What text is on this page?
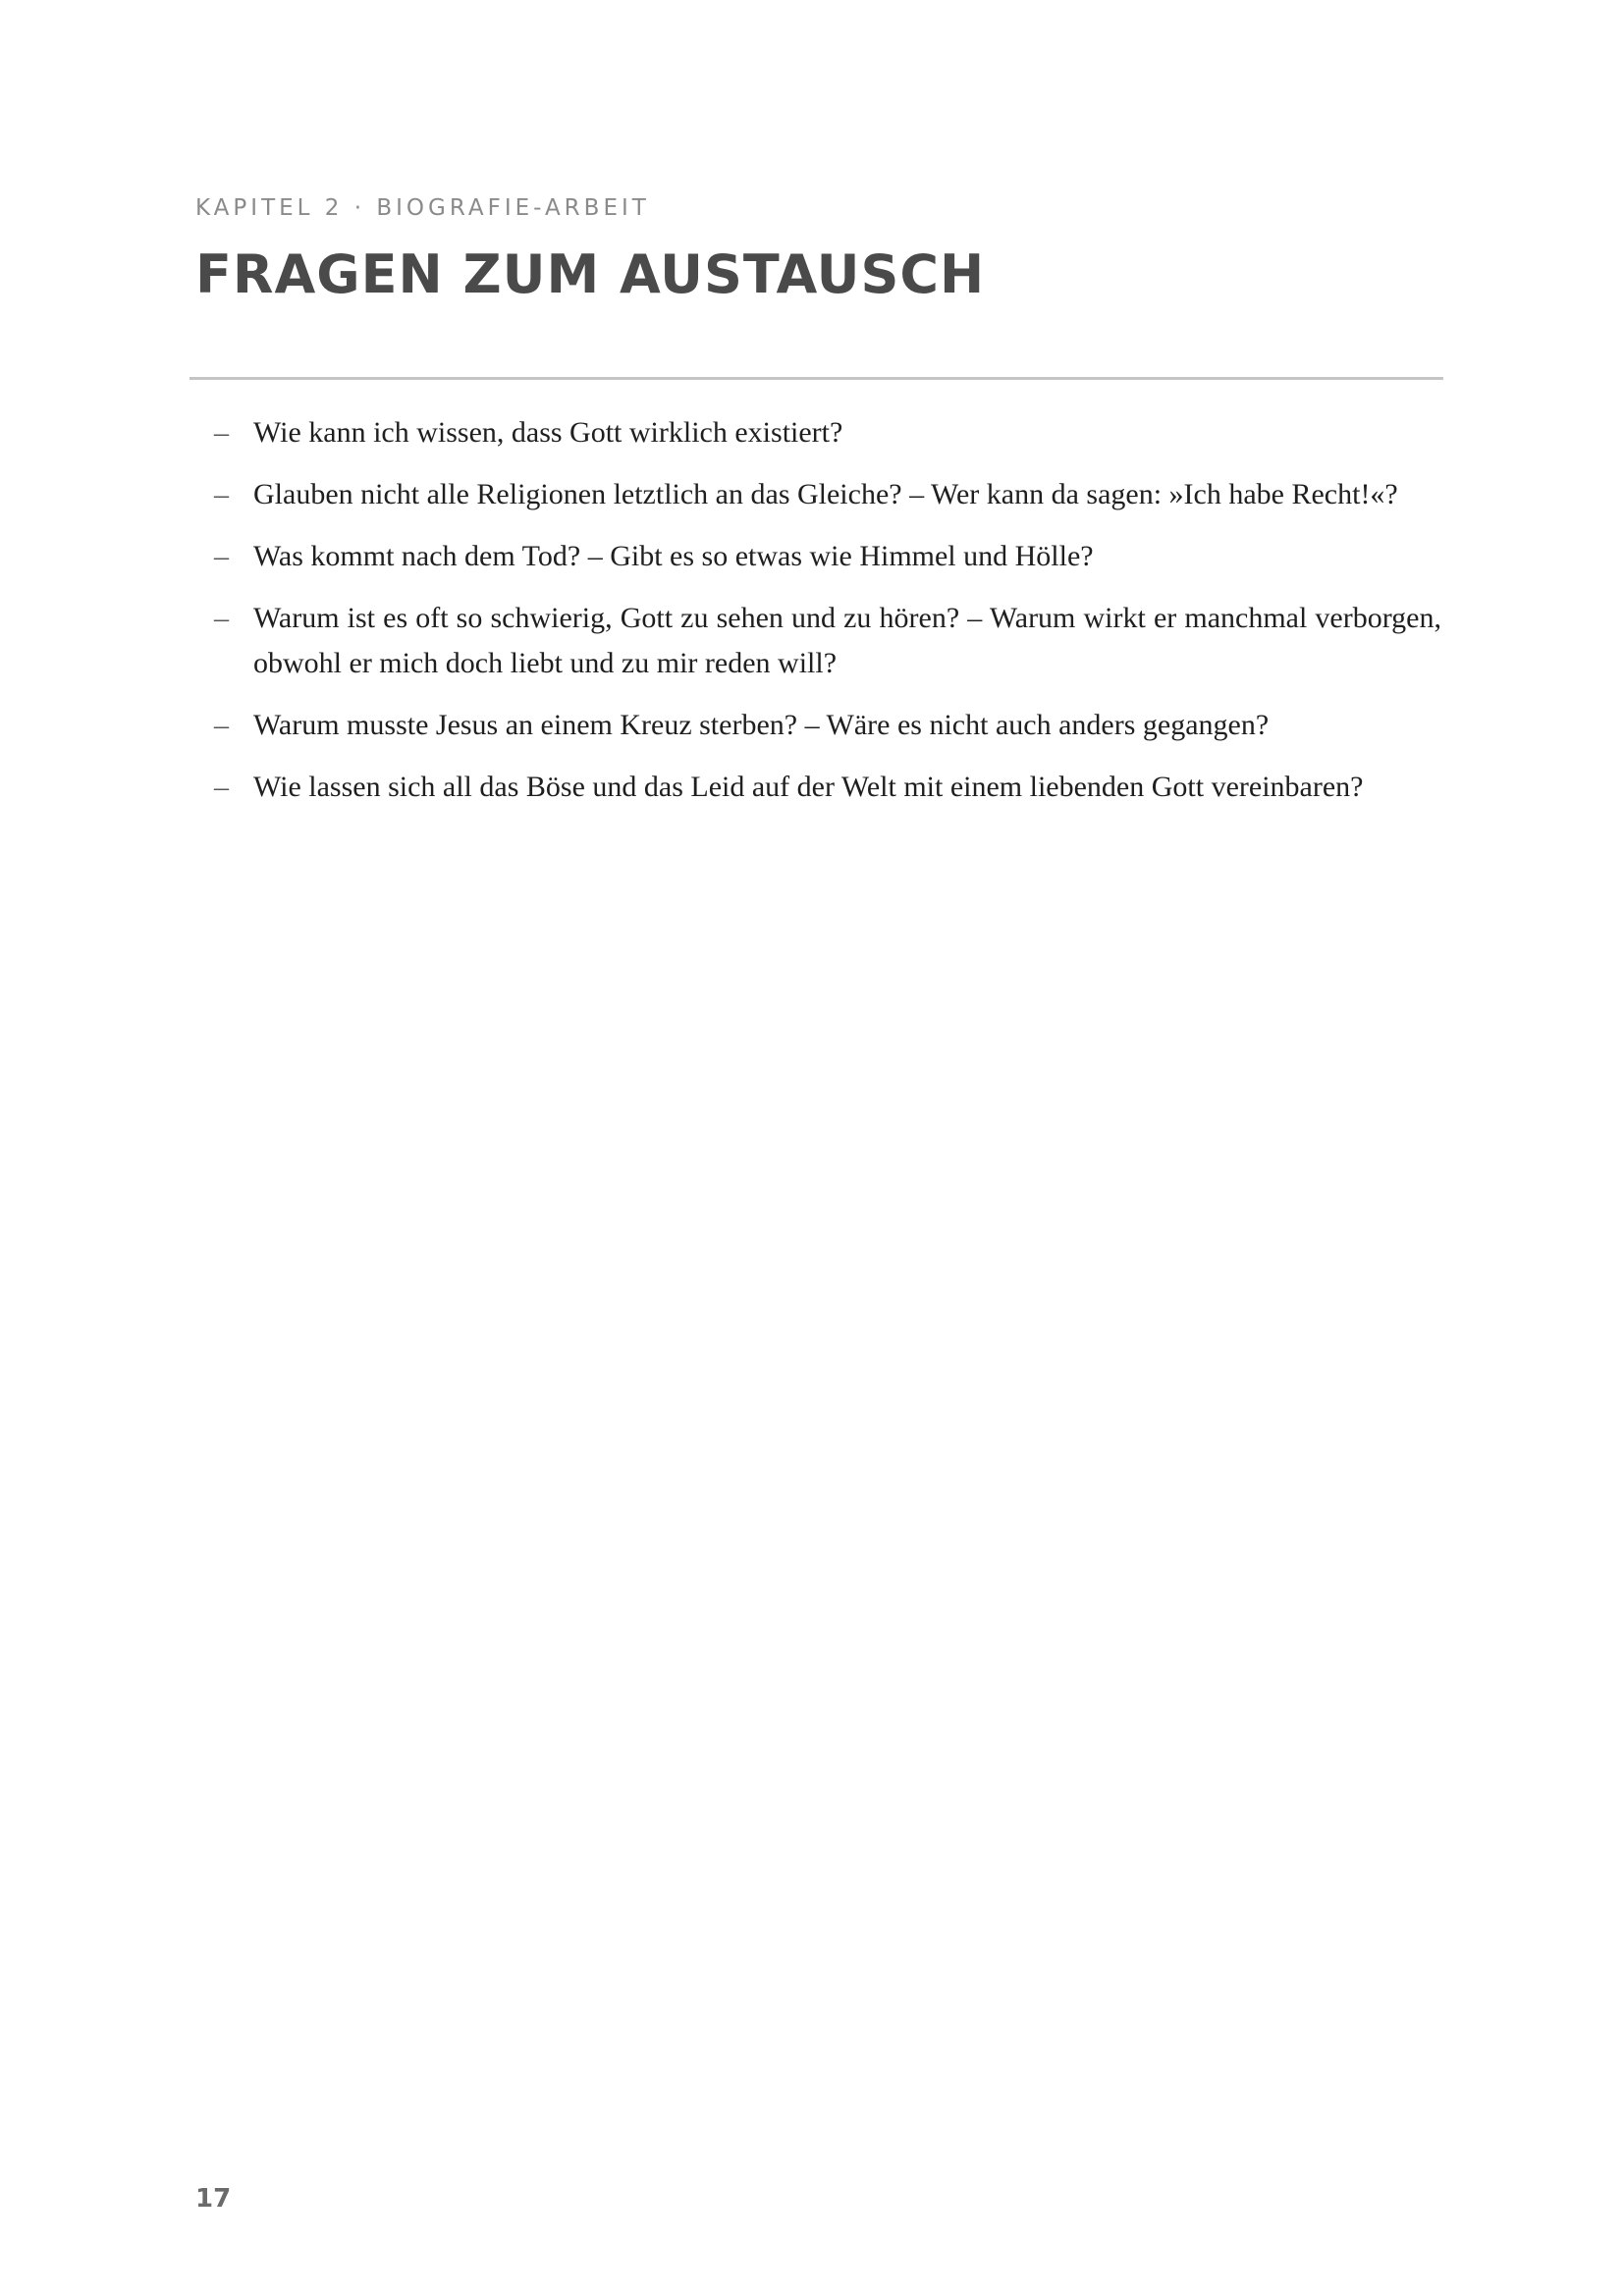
KAPITEL 2 · BIOGRAFIE-ARBEIT
FRAGEN ZUM AUSTAUSCH
– Wie kann ich wissen, dass Gott wirklich existiert?
– Glauben nicht alle Religionen letztlich an das Gleiche? – Wer kann da sagen: »Ich habe Recht!«?
– Was kommt nach dem Tod? – Gibt es so etwas wie Himmel und Hölle?
– Warum ist es oft so schwierig, Gott zu sehen und zu hören? – Warum wirkt er manchmal verborgen, obwohl er mich doch liebt und zu mir reden will?
– Warum musste Jesus an einem Kreuz sterben? – Wäre es nicht auch anders gegangen?
– Wie lassen sich all das Böse und das Leid auf der Welt mit einem liebenden Gott vereinbaren?
17
